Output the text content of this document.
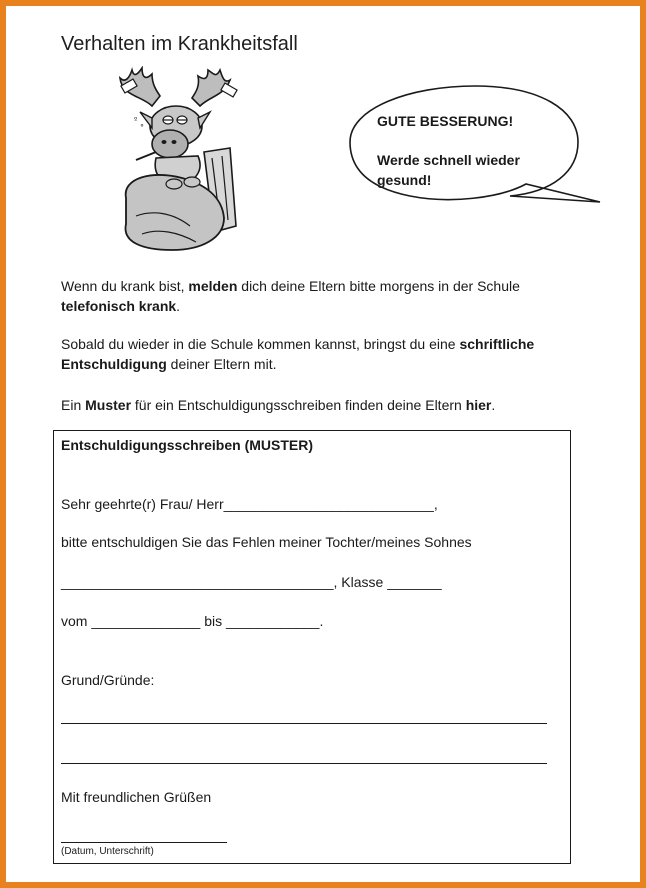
Verhalten im Krankheitsfall
°
º	GUTE BESSERUNG!
Werde schnell wieder gesund!
Wenn du krank bist, melden dich deine Eltern bitte morgens in der Schule telefonisch krank.
Sobald du wieder in die Schule kommen kannst, bringst du eine schriftliche Entschuldigung deiner Eltern mit.
Ein Muster für ein Entschuldigungsschreiben finden deine Eltern hier.
Entschuldigungsschreiben (MUSTER)
Sehr geehrte(r) Frau/ Herr___________________________,
bitte entschuldigen Sie das Fehlen meiner Tochter/meines Sohnes
___________________________________, Klasse _______
vom ______________ bis ____________.
Grund/Gründe:
Mit freundlichen Grüßen
(Datum, Unterschrift)
